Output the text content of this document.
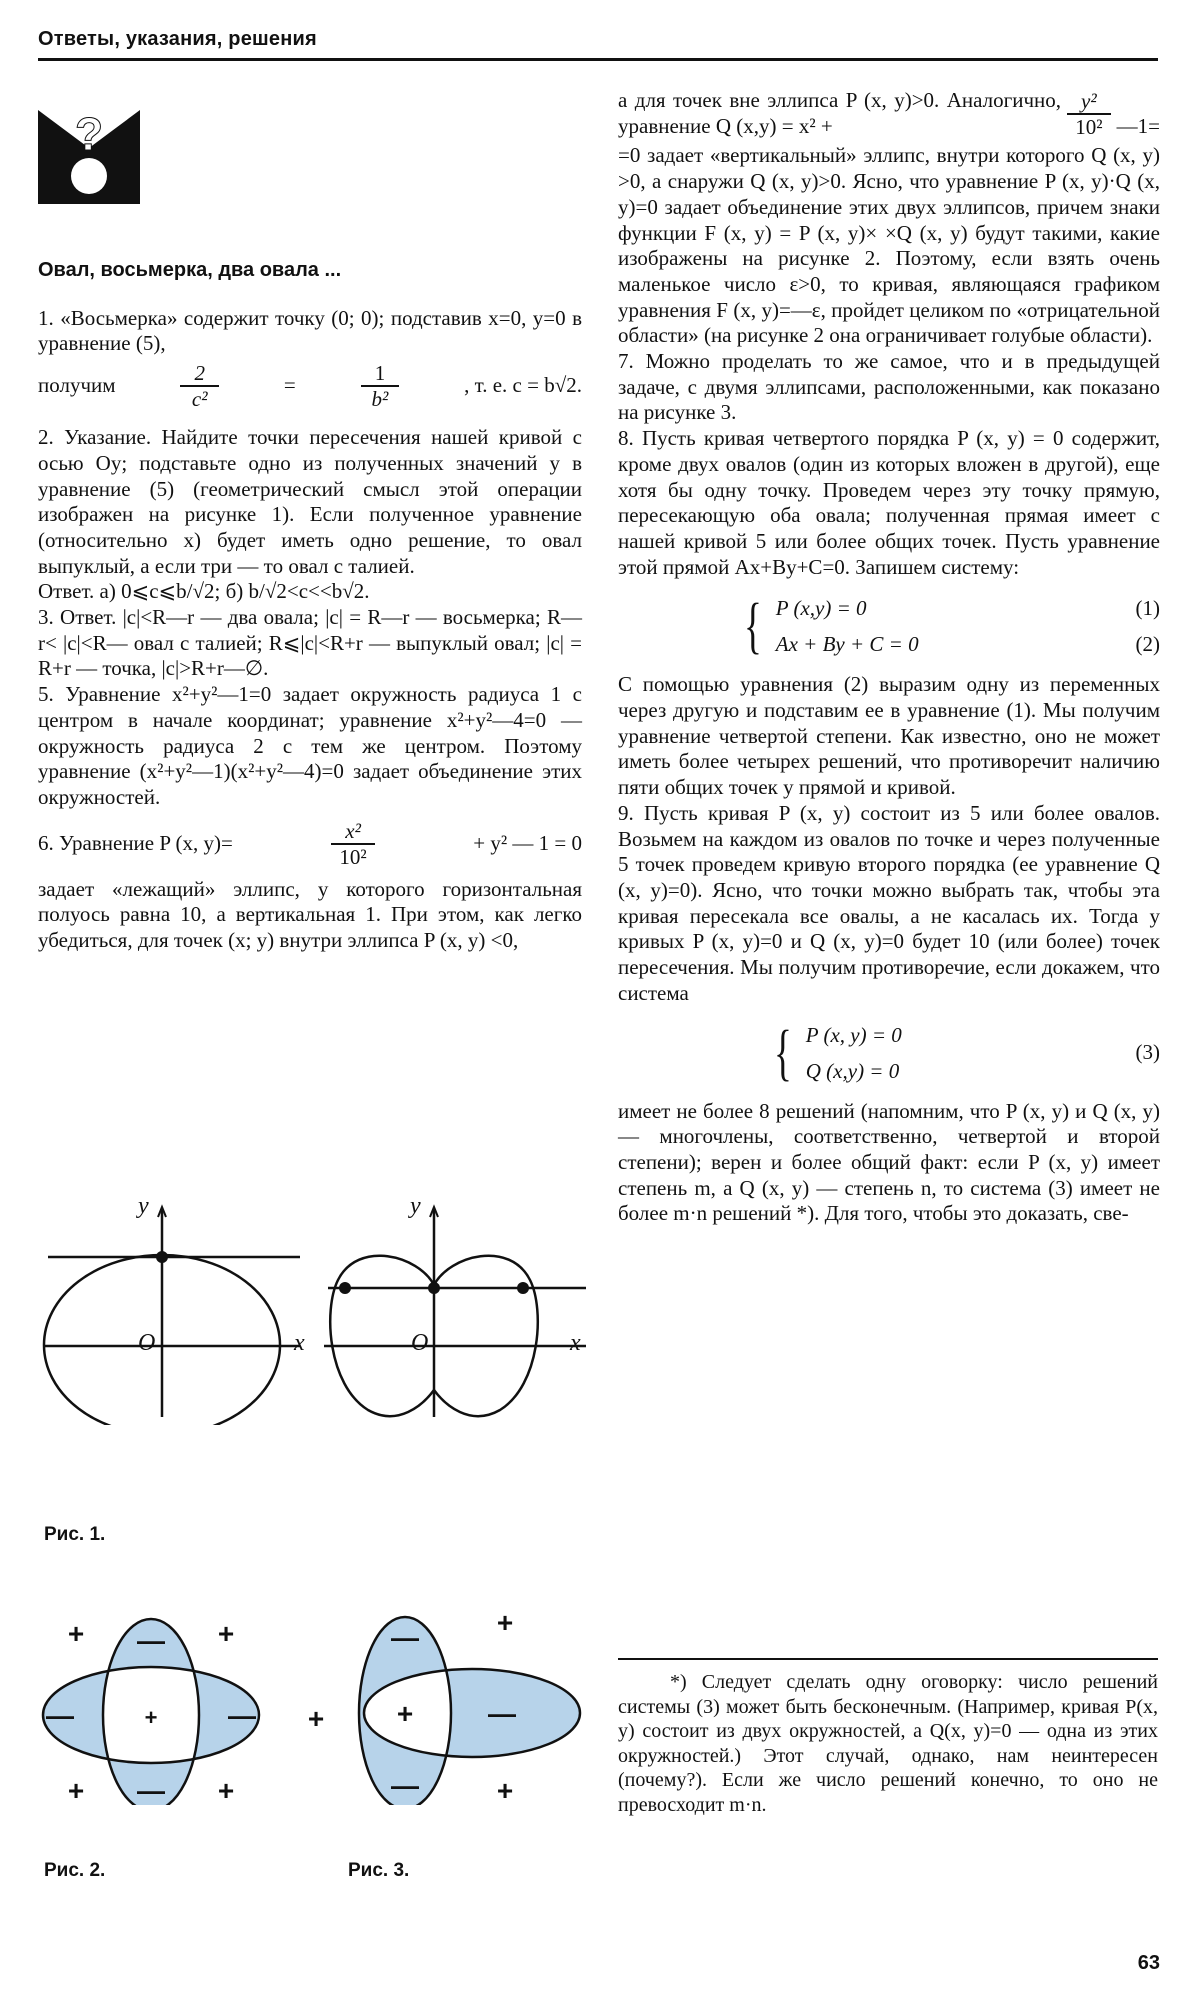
Ответы, указания, решения
?

Овал, восьмерка, два овала ...

1. «Восьмерка» содержит точку (0; 0); подставив x=0, y=0 в уравнение (5),

получим	$\frac{2}{\text{c²}}$	=	$\frac{1}{\text{b²}}$	, т. е. c = b√2.

2. Указание. Найдите точки пересечения нашей кривой с осью Oy; подставьте одно из полученных значений y в уравнение (5) (геометрический смысл этой операции изображен на рисунке 1). Если полученное уравнение (относительно x) будет иметь одно решение, то овал выпуклый, а если три — то овал с талией.

Ответ. а) 0⩽c⩽b/√2; б) b/√2<c<<b√2.

3. Ответ. |c|<R—r — два овала; |c| = R—r — восьмерка; R—r< |c|<R— овал с талией; R⩽|c|<R+r — выпуклый овал; |c| = R+r — точка, |c|>R+r—∅.

5. Уравнение x²+y²—1=0 задает окружность радиуса 1 с центром в начале координат; уравнение x²+y²—4=0 — окружность радиуса 2 с тем же центром. Поэтому уравнение (x²+y²—1)(x²+y²—4)=0 задает объединение этих окружностей.

6. Уравнение P (x, y)=	$\frac{\text{x²}}{\text{10²}}$	+ y² — 1 = 0

задает «лежащий» эллипс, у которого горизонтальная полуось равна 10, а вертикальная 1. При этом, как легко убедиться, для точек (x; y) внутри эллипса P (x, y) <0,

y
O	x
y
O	x
Рис. 1.
—
—
—	—
+
+	+
+	+
Рис. 2.
+
—
—
—
+
+
+
Рис. 3.
а для точек вне эллипса P (x, y)>0. Аналогично, уравнение Q (x,y) = x² +	$\frac{\text{y²}}{\text{10²}}$ —1=

=0 задает «вертикальный» эллипс, внутри которого Q (x, y) >0, а снаружи Q (x, y)>0. Ясно, что уравнение P (x, y)·Q (x, y)=0 задает объединение этих двух эллипсов, причем знаки функции F (x, y) = P (x, y)× ×Q (x, y) будут такими, какие изображены на рисунке 2. Поэтому, если взять очень маленькое число ε>0, то кривая, являющаяся графиком уравнения F (x, y)=—ε, пройдет целиком по «отрицательной области» (на рисунке 2 она ограничивает голубые области).

7. Можно проделать то же самое, что и в предыдущей задаче, с двумя эллипсами, расположенными, как показано на рисунке 3.

8. Пусть кривая четвертого порядка P (x, y) = 0 содержит, кроме двух овалов (один из которых вложен в другой), еще хотя бы одну точку. Проведем через эту точку прямую, пересекающую оба овала; полученная прямая имеет с нашей кривой 5 или более общих точек. Пусть уравнение этой прямой Ax+By+C=0. Запишем систему:

{ P (x,y) = 0	(1)
Ax + By + C = 0	(2)

С помощью уравнения (2) выразим одну из переменных через другую и подставим ее в уравнение (1). Мы получим уравнение четвертой степени. Как известно, оно не может иметь более четырех решений, что противоречит наличию пяти общих точек у прямой и кривой.

9. Пусть кривая P (x, y) состоит из 5 или более овалов. Возьмем на каждом из овалов по точке и через полученные 5 точек проведем кривую второго порядка (ее уравнение Q (x, y)=0). Ясно, что точки можно выбрать так, чтобы эта кривая пересекала все овалы, а не касалась их. Тогда у кривых P (x, y)=0 и Q (x, y)=0 будет 10 (или более) точек пересечения. Мы получим противоречие, если докажем, что система

{ P (x, y) = 0
Q (x,y) = 0
(3)

имеет не более 8 решений (напомним, что P (x, y) и Q (x, y) — многочлены, соответственно, четвертой и второй степени); верен и более общий факт: если P (x, y) имеет степень m, а Q (x, y) — степень n, то система (3) имеет не более m·n решений *). Для того, чтобы это доказать, све-

*) Следует сделать одну оговорку: число решений системы (3) может быть бесконечным. (Например, кривая P(x, y) состоит из двух окружностей, а Q(x, y)=0 — одна из этих окружностей.) Этот случай, однако, нам неинтересен (почему?). Если же число решений конечно, то оно не превосходит m·n.
63
